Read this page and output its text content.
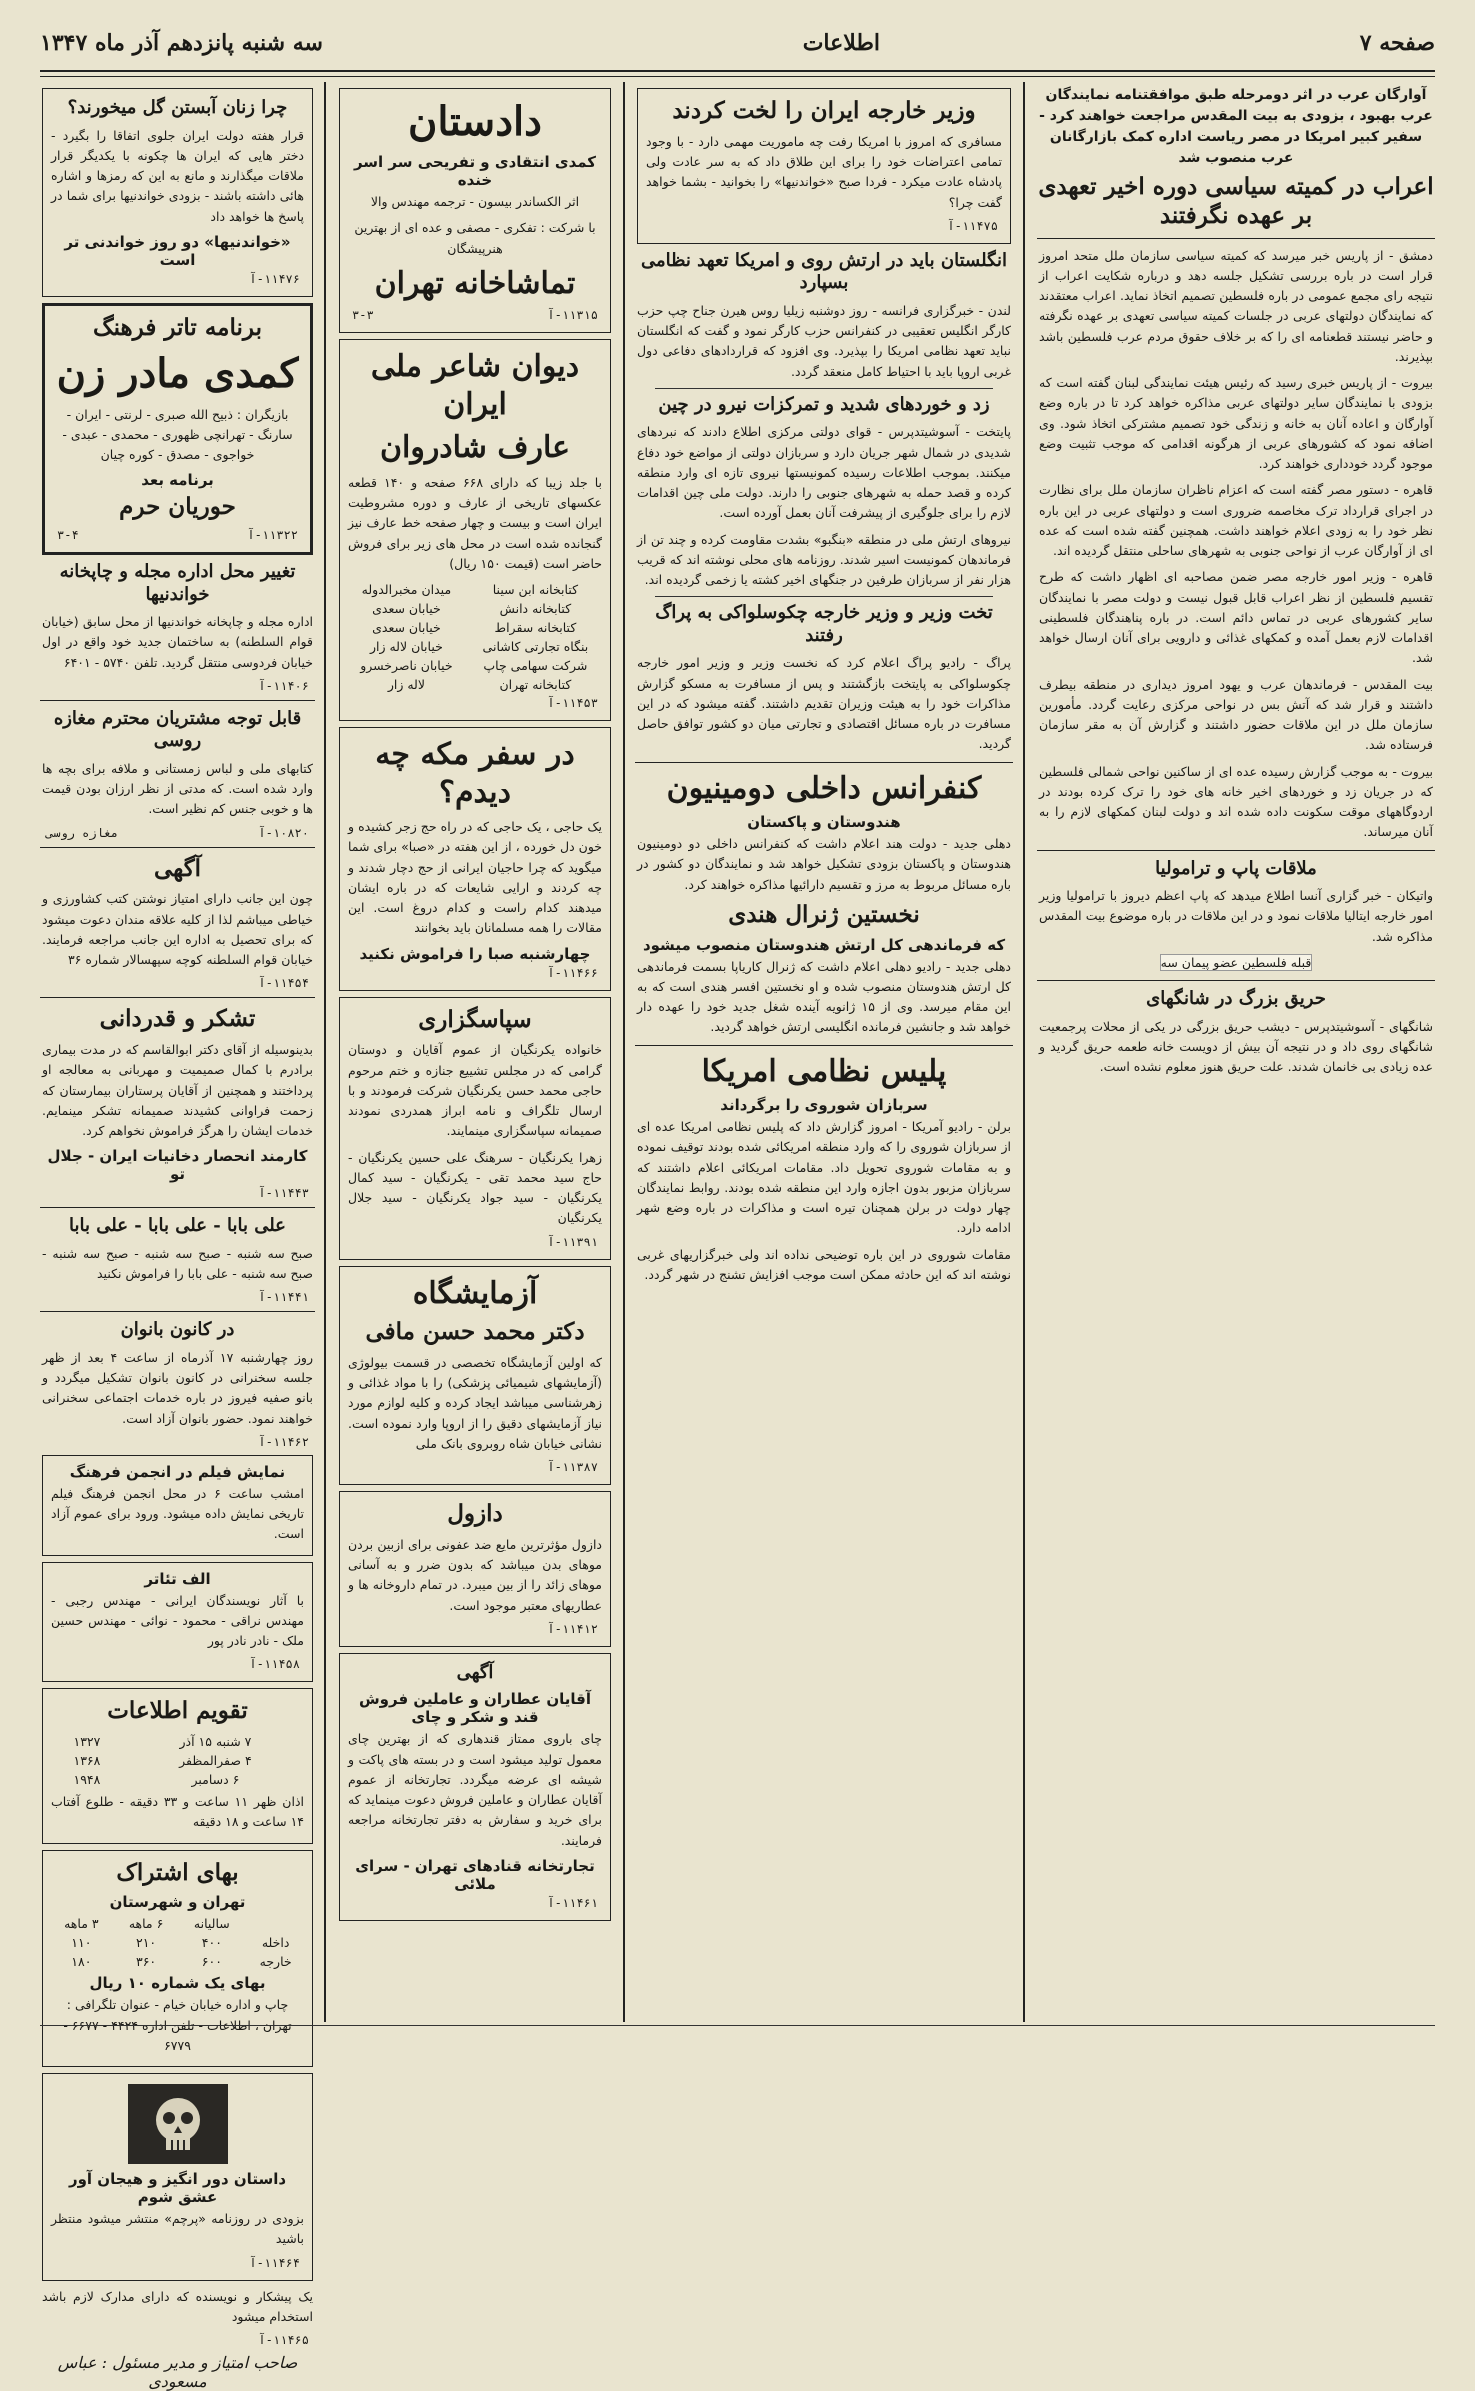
صفحه ۷
اطلاعات
سه شنبه پانزدهم آذر ماه ۱۳۴۷
آوارگان عرب در اثر دومرحله طبق موافقتنامه نمایندگان عرب بهبود ، بزودی به بیت المقدس مراجعت خواهند کرد - سفیر کبیر امریکا در مصر ریاست اداره کمک بازارگانان عرب منصوب شد
اعراب در کمیته سیاسی دوره اخیر تعهدی بر عهده نگرفتند
دمشق - از پاریس خبر میرسد که کمیته سیاسی سازمان ملل متحد امروز قرار است در باره بررسی تشکیل جلسه دهد و درباره شکایت اعراب از نتیجه رای مجمع عمومی در باره فلسطین تصمیم اتخاذ نماید. اعراب معتقدند که نمایندگان دولتهای عربی در جلسات کمیته سیاسی تعهدی بر عهده نگرفته و حاضر نیستند قطعنامه ای را که بر خلاف حقوق مردم عرب فلسطین باشد بپذیرند.
بیروت - از پاریس خبری رسید که رئیس هیئت نمایندگی لبنان گفته است که بزودی با نمایندگان سایر دولتهای عربی مذاکره خواهد کرد تا در باره وضع آوارگان و اعاده آنان به خانه و زندگی خود تصمیم مشترکی اتخاذ شود. وی اضافه نمود که کشورهای عربی از هرگونه اقدامی که موجب تثبیت وضع موجود گردد خودداری خواهند کرد.
قاهره - دستور مصر گفته است که اعزام ناظران سازمان ملل برای نظارت در اجرای قرارداد ترک مخاصمه ضروری است و دولتهای عربی در این باره نظر خود را به زودی اعلام خواهند داشت. همچنین گفته شده است که عده ای از آوارگان عرب از نواحی جنوبی به شهرهای ساحلی منتقل گردیده اند.
قاهره - وزیر امور خارجه مصر ضمن مصاحبه ای اظهار داشت که طرح تقسیم فلسطین از نظر اعراب قابل قبول نیست و دولت مصر با نمایندگان سایر کشورهای عربی در تماس دائم است. در باره پناهندگان فلسطینی اقدامات لازم بعمل آمده و کمکهای غذائی و دارویی برای آنان ارسال خواهد شد.
بیت المقدس - فرماندهان عرب و یهود امروز دیداری در منطقه بیطرف داشتند و قرار شد که آتش بس در نواحی مرکزی رعایت گردد. مأمورین سازمان ملل در این ملاقات حضور داشتند و گزارش آن به مقر سازمان فرستاده شد.
بیروت - به موجب گزارش رسیده عده ای از ساکنین نواحی شمالی فلسطین که در جریان زد و خوردهای اخیر خانه های خود را ترک کرده بودند در اردوگاههای موقت سکونت داده شده اند و دولت لبنان کمکهای لازم را به آنان میرساند.
ملاقات پاپ و ترامولیا
واتیکان - خبر گزاری آنسا اطلاع میدهد که پاپ اعظم دیروز با ترامولیا وزیر امور خارجه ایتالیا ملاقات نمود و در این ملاقات در باره موضوع بیت المقدس مذاکره شد.
قبله فلسطین عضو پیمان سه
حریق بزرگ در شانگهای
شانگهای - آسوشیتدپرس - دیشب حریق بزرگی در یکی از محلات پرجمعیت شانگهای روی داد و در نتیجه آن بیش از دویست خانه طعمه حریق گردید و عده زیادی بی خانمان شدند. علت حریق هنوز معلوم نشده است.
وزیر خارجه ایران را لخت کردند
مسافری که امروز با امریکا رفت چه ماموریت مهمی دارد - با وجود تمامی اعتراضات خود را برای این طلاق داد که به سر عادت ولی پادشاه عادت میکرد - فردا صبح «خواندنیها» را بخوانید - بشما خواهد گفت چرا؟
۱۱۴۷۵-آ
انگلستان باید در ارتش روی و امریکا تعهد نظامی بسپارد
لندن - خبرگزاری فرانسه - روز دوشنبه زیلیا روس هیرن جناح چپ حزب کارگر انگلیس تعقیبی در کنفرانس حزب کارگر نمود و گفت که انگلستان نباید تعهد نظامی امریکا را بپذیرد. وی افزود که قراردادهای دفاعی دول غربی اروپا باید با احتیاط کامل منعقد گردد.
زد و خوردهای شدید و تمرکزات نیرو در چین
پایتخت - آسوشیتدپرس - قوای دولتی مرکزی اطلاع دادند که نبردهای شدیدی در شمال شهر جریان دارد و سربازان دولتی از مواضع خود دفاع میکنند. بموجب اطلاعات رسیده کمونیستها نیروی تازه ای وارد منطقه کرده و قصد حمله به شهرهای جنوبی را دارند. دولت ملی چین اقدامات لازم را برای جلوگیری از پیشرفت آنان بعمل آورده است.
نیروهای ارتش ملی در منطقه «بنگبو» بشدت مقاومت کرده و چند تن از فرماندهان کمونیست اسیر شدند. روزنامه های محلی نوشته اند که قریب هزار نفر از سربازان طرفین در جنگهای اخیر کشته یا زخمی گردیده اند.
تخت وزیر و وزیر خارجه چکوسلواکی به پراگ رفتند
پراگ - رادیو پراگ اعلام کرد که نخست وزیر و وزیر امور خارجه چکوسلواکی به پایتخت بازگشتند و پس از مسافرت به مسکو گزارش مذاکرات خود را به هیئت وزیران تقدیم داشتند. گفته میشود که در این مسافرت در باره مسائل اقتصادی و تجارتی میان دو کشور توافق حاصل گردید.
کنفرانس داخلی دومینیون
هندوستان و پاکستان
دهلی جدید - دولت هند اعلام داشت که کنفرانس داخلی دو دومینیون هندوستان و پاکستان بزودی تشکیل خواهد شد و نمایندگان دو کشور در باره مسائل مربوط به مرز و تقسیم دارائیها مذاکره خواهند کرد.
نخستین ژنرال هندی
که فرماندهی کل ارتش هندوستان منصوب میشود
دهلی جدید - رادیو دهلی اعلام داشت که ژنرال کاریاپا بسمت فرماندهی کل ارتش هندوستان منصوب شده و او نخستین افسر هندی است که به این مقام میرسد. وی از ۱۵ ژانویه آینده شغل جدید خود را عهده دار خواهد شد و جانشین فرمانده انگلیسی ارتش خواهد گردید.
پلیس نظامی امریکا
سربازان شوروی را برگرداند
برلن - رادیو آمریکا - امروز گزارش داد که پلیس نظامی امریکا عده ای از سربازان شوروی را که وارد منطقه امریکائی شده بودند توقیف نموده و به مقامات شوروی تحویل داد. مقامات امریکائی اعلام داشتند که سربازان مزبور بدون اجازه وارد این منطقه شده بودند. روابط نمایندگان چهار دولت در برلن همچنان تیره است و مذاکرات در باره وضع شهر ادامه دارد.
مقامات شوروی در این باره توضیحی نداده اند ولی خبرگزاریهای غربی نوشته اند که این حادثه ممکن است موجب افزایش تشنج در شهر گردد.
دادستان
کمدی انتقادی و تفریحی سر اسر خنده
اثر الکساندر بیسون - ترجمه مهندس والا
با شرکت : تفکری - مصفی و عده ای از بهترین هنرپیشگان
تماشاخانه تهران
۱۱۳۱۵-آ
۳-۳
دیوان شاعر ملی ایران
عارف شادروان
با جلد زیبا که دارای ۶۶۸ صفحه و ۱۴۰ قطعه عکسهای تاریخی از عارف و دوره مشروطیت ایران است و بیست و چهار صفحه خط عارف نیز گنجانده شده است در محل های زیر برای فروش حاضر است (قیمت ۱۵۰ ریال)
کتابخانه ابن سینا	میدان مخبرالدوله
کتابخانه دانش	خیابان سعدی
کتابخانه سقراط	خیابان سعدی
بنگاه تجارتی کاشانی	خیابان لاله زار
شرکت سهامی چاپ	خیابان ناصرخسرو
کتابخانه تهران	لاله زار
۱۱۴۵۳-آ
در سفر مکه چه دیدم؟
یک حاجی ، یک حاجی که در راه حج زجر کشیده و خون دل خورده ، از این هفته در «صبا» برای شما میگوید که چرا حاجیان ایرانی از حج دچار شدند و چه کردند و ارایی شایعات که در باره ایشان میدهند کدام راست و کدام دروغ است. این مقالات را همه مسلمانان باید بخوانند
چهارشنبه صبا را فراموش نکنید
۱۱۴۶۶-آ
سپاسگزاری
خانواده یکرنگیان از عموم آقایان و دوستان گرامی که در مجلس تشییع جنازه و ختم مرحوم حاجی محمد حسن یکرنگیان شرکت فرمودند و با ارسال تلگراف و نامه ابراز همدردی نمودند صمیمانه سپاسگزاری مینمایند.
زهرا یکرنگیان - سرهنگ علی حسین یکرنگیان - حاج سید محمد تقی - یکرنگیان - سید کمال یکرنگیان - سید جواد یکرنگیان - سید جلال یکرنگیان
۱۱۳۹۱-آ
آزمایشگاه
دکتر محمد حسن مافی
که اولین آزمایشگاه تخصصی در قسمت بیولوژی (آزمایشهای شیمیائی پزشکی) را با مواد غذائی و زهرشناسی میباشد ایجاد کرده و کلیه لوازم مورد نیاز آزمایشهای دقیق را از اروپا وارد نموده است. نشانی خیابان شاه روبروی بانک ملی
۱۱۳۸۷-آ
دازول
دازول مؤثرترین مایع ضد عفونی برای ازبین بردن موهای بدن میباشد که بدون ضرر و به آسانی موهای زائد را از بین میبرد. در تمام داروخانه ها و عطاریهای معتبر موجود است.
۱۱۴۱۲-آ
آگهی
آقایان عطاران و عاملین فروش قند و شکر و چای
چای باروی ممتاز قندهاری که از بهترین چای معمول تولید میشود است و در بسته های پاکت و شیشه ای عرضه میگردد. تجارتخانه از عموم آقایان عطاران و عاملین فروش دعوت مینماید که برای خرید و سفارش به دفتر تجارتخانه مراجعه فرمایند.
تجارتخانه قنادهای تهران - سرای ملائی
۱۱۴۶۱-آ
چرا زنان آبستن گل میخورند؟
قرار هفته دولت ایران جلوی اتفاقا را بگیرد - دختر هایی که ایران ها چکونه با یکدیگر قرار ملاقات میگذارند و مانع به این که رمزها و اشاره هائی داشته باشند - بزودی خواندنیها برای شما در پاسخ ها خواهد داد
«خواندنیها» دو روز خواندنی تر است
۱۱۴۷۶-آ
برنامه تاتر فرهنگ
کمدی مادر زن
بازیگران : ذبیح الله صبری - لرنتی - ایران - سارنگ - تهرانچی ظهوری - محمدی - عبدی - خواجوی - مصدق - کوره چیان
برنامه بعد
حوریان حرم
۱۱۳۲۲-آ
۳-۴
تغییر محل اداره مجله و چاپخانه خواندنیها
اداره مجله و چاپخانه خواندنیها از محل سابق (خیابان قوام السلطنه) به ساختمان جدید خود واقع در اول خیابان فردوسی منتقل گردید. تلفن ۵۷۴۰ - ۶۴۰۱
۱۱۴۰۶-آ
قابل توجه مشتریان محترم مغازه روسی
کتابهای ملی و لباس زمستانی و ملافه برای بچه ها وارد شده است. که مدتی از نظر ارزان بودن قیمت ها و خوبی جنس کم نظیر است.
۱۰۸۲۰-آ
مغازه روسی
آگهی
چون این جانب دارای امتیاز نوشتن کتب کشاورزی و خیاطی میباشم لذا از کلیه علاقه مندان دعوت میشود که برای تحصیل به اداره این جانب مراجعه فرمایند. خیابان قوام السلطنه کوچه سپهسالار شماره ۳۶
۱۱۴۵۴-آ
تشکر و قدردانی
بدینوسیله از آقای دکتر ابوالقاسم که در مدت بیماری برادرم با کمال صمیمیت و مهربانی به معالجه او پرداختند و همچنین از آقایان پرستاران بیمارستان که زحمت فراوانی کشیدند صمیمانه تشکر مینمایم. خدمات ایشان را هرگز فراموش نخواهم کرد.
کارمند انحصار دخانیات ایران - جلال تو
۱۱۴۴۳-آ
علی بابا - علی بابا - علی بابا
صبح سه شنبه - صبح سه شنبه - صبح سه شنبه - صبح سه شنبه - علی بابا را فراموش نکنید
۱۱۴۴۱-آ
در کانون بانوان
روز چهارشنبه ۱۷ آذرماه از ساعت ۴ بعد از ظهر جلسه سخنرانی در کانون بانوان تشکیل میگردد و بانو صفیه فیروز در باره خدمات اجتماعی سخنرانی خواهند نمود. حضور بانوان آزاد است.
۱۱۴۶۲-آ
نمایش فیلم در انجمن فرهنگ
امشب ساعت ۶ در محل انجمن فرهنگ فیلم تاریخی نمایش داده میشود. ورود برای عموم آزاد است.
الف تئاتر
با آثار نویسندگان ایرانی - مهندس رجبی - مهندس نراقی - محمود - نوائی - مهندس حسین ملک - نادر نادر پور
۱۱۴۵۸-آ
تقویم اطلاعات
۷ شنبه ۱۵ آذر	۱۳۲۷
۴ صفرالمظفر	۱۳۶۸
۶ دسامبر	۱۹۴۸
اذان ظهر ۱۱ ساعت و ۳۳ دقیقه - طلوع آفتاب ۱۴ ساعت و ۱۸ دقیقه
بهای اشتراک
تهران و شهرستان
	سالیانه	۶ ماهه	۳ ماهه
داخله	۴۰۰	۲۱۰	۱۱۰
خارجه	۶۰۰	۳۶۰	۱۸۰
بهای یک شماره ۱۰ ریال
چاپ و اداره خیابان خیام - عنوان تلگرافی : تهران ، اطلاعات - تلفن اداره ۴۴۲۴ - ۶۶۷۷ - ۶۷۷۹
داستان دور انگیز و هیجان آور عشق شوم
بزودی در روزنامه «پرچم» منتشر میشود منتظر باشید
۱۱۴۶۴-آ
یک پیشکار و نویسنده که دارای مدارک لازم باشد استخدام میشود
۱۱۴۶۵-آ
صاحب امتیاز و مدیر مسئول : عباس مسعودی
